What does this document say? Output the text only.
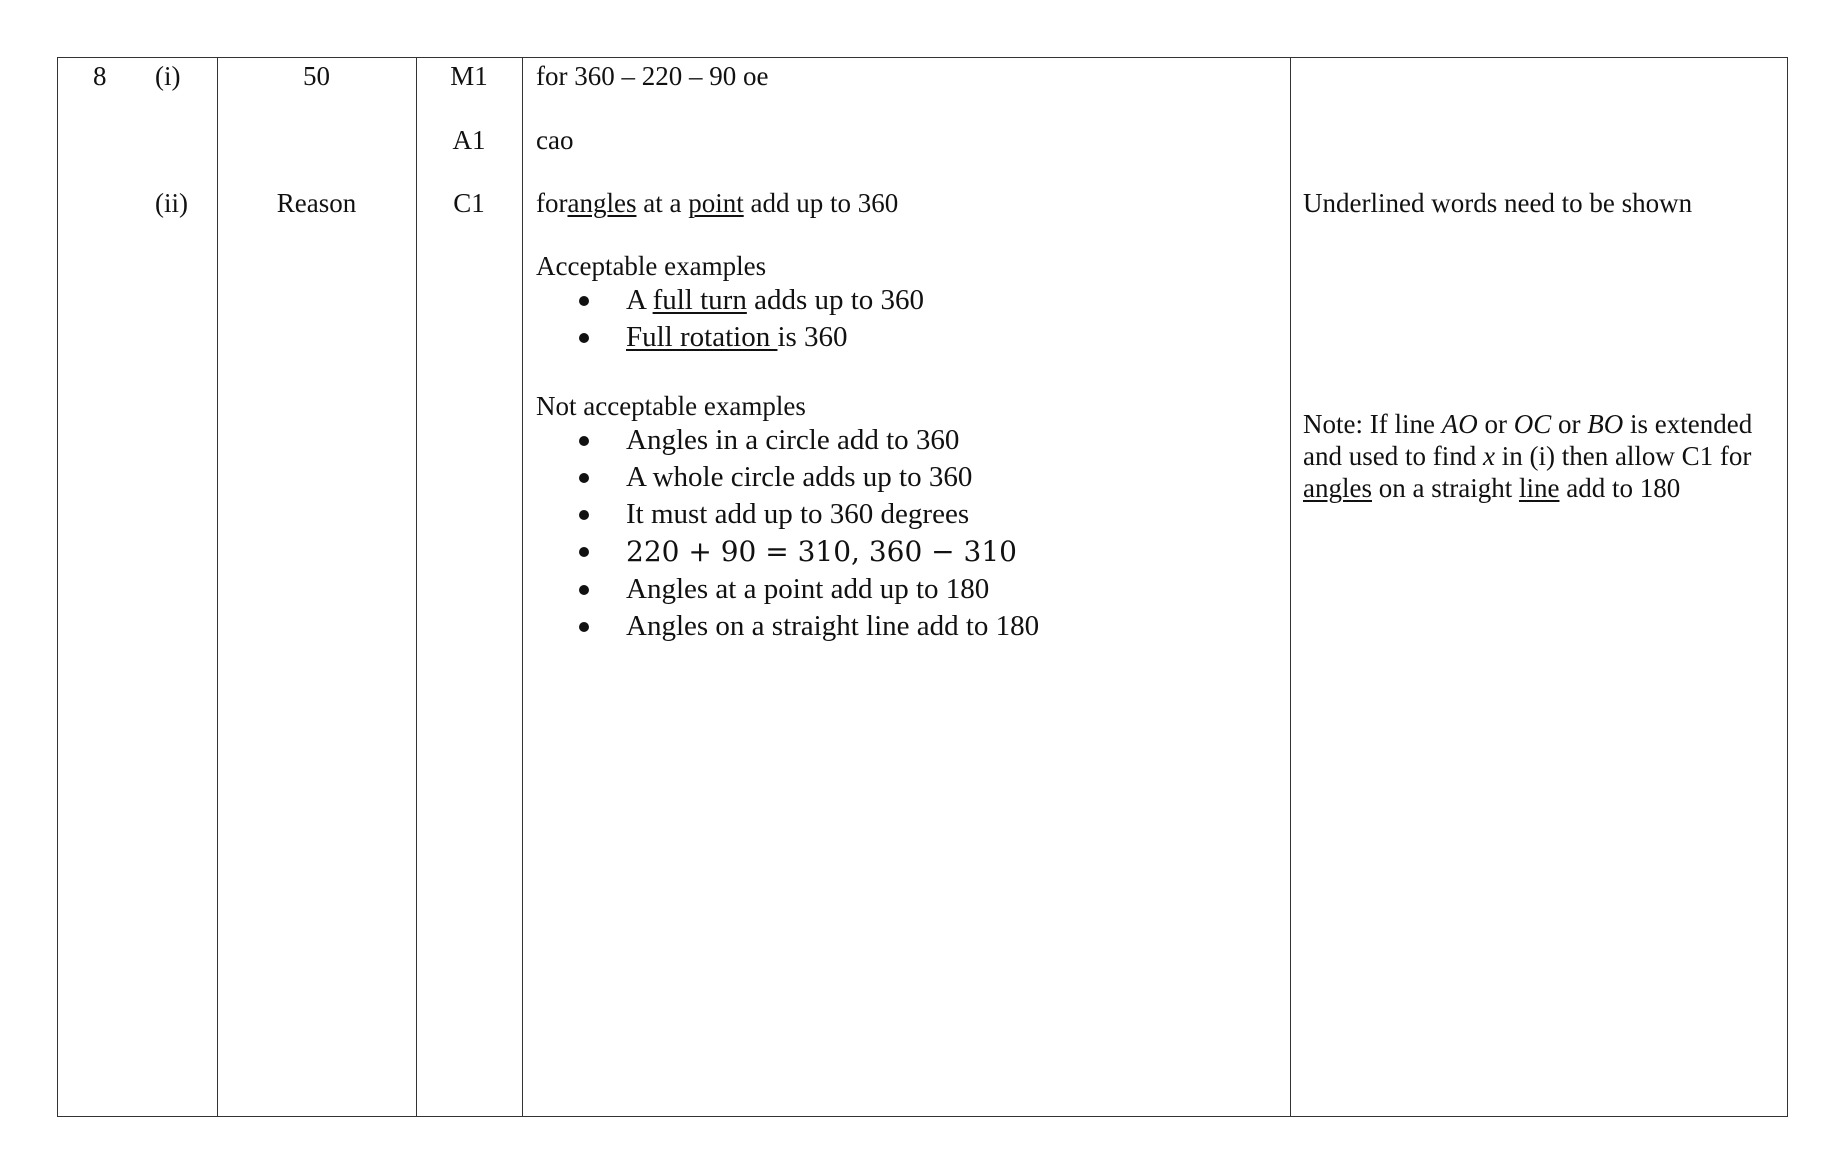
8 (i)
(ii)
50
Reason
M1
A1
C1
for 360 – 220 – 90 oe
cao
forangles at a point add up to 360
Acceptable examples
A full turn adds up to 360
Full rotation is 360
Not acceptable examples
Angles in a circle add to 360
A whole circle adds up to 360
It must add up to 360 degrees
220 + 90 = 310, 360 − 310
Angles at a point add up to 180
Angles on a straight line add to 180
Underlined words need to be shown
Note: If line AO or OC or BO is extended and used to find x in (i) then allow C1 for angles on a straight line add to 180
